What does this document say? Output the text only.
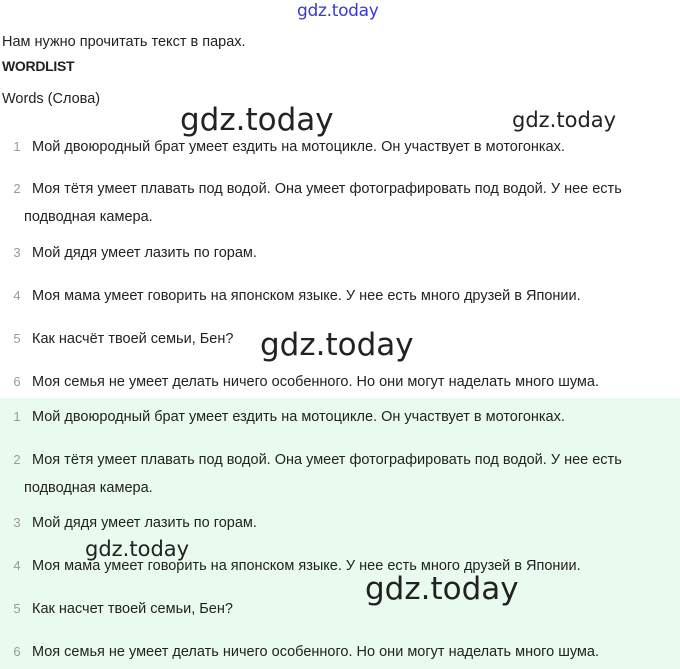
Нам нужно прочитать текст в парах.
WORDLIST
Words (Слова)
1 Мой двоюродный брат умеет ездить на мотоцикле. Он участвует в мотогонках.
2 Моя тётя умеет плавать под водой. Она умеет фотографировать под водой. У нее есть
подводная камера.
3 Мой дядя умеет лазить по горам.
4 Моя мама умеет говорить на японском языке. У нее есть много друзей в Японии.
5 Как насчёт твоей семьи, Бен?
6 Моя семья не умеет делать ничего особенного. Но они могут наделать много шума.
1 Мой двоюродный брат умеет ездить на мотоцикле. Он участвует в мотогонках.
2 Моя тётя умеет плавать под водой. Она умеет фотографировать под водой. У нее есть
подводная камера.
3 Мой дядя умеет лазить по горам.
4 Моя мама умеет говорить на японском языке. У нее есть много друзей в Японии.
5 Как насчет твоей семьи, Бен?
6 Моя семья не умеет делать ничего особенного. Но они могут наделать много шума.
gdz.today
gdz.today	gdz.today
gdz.today
gdz.today
gdz.today
